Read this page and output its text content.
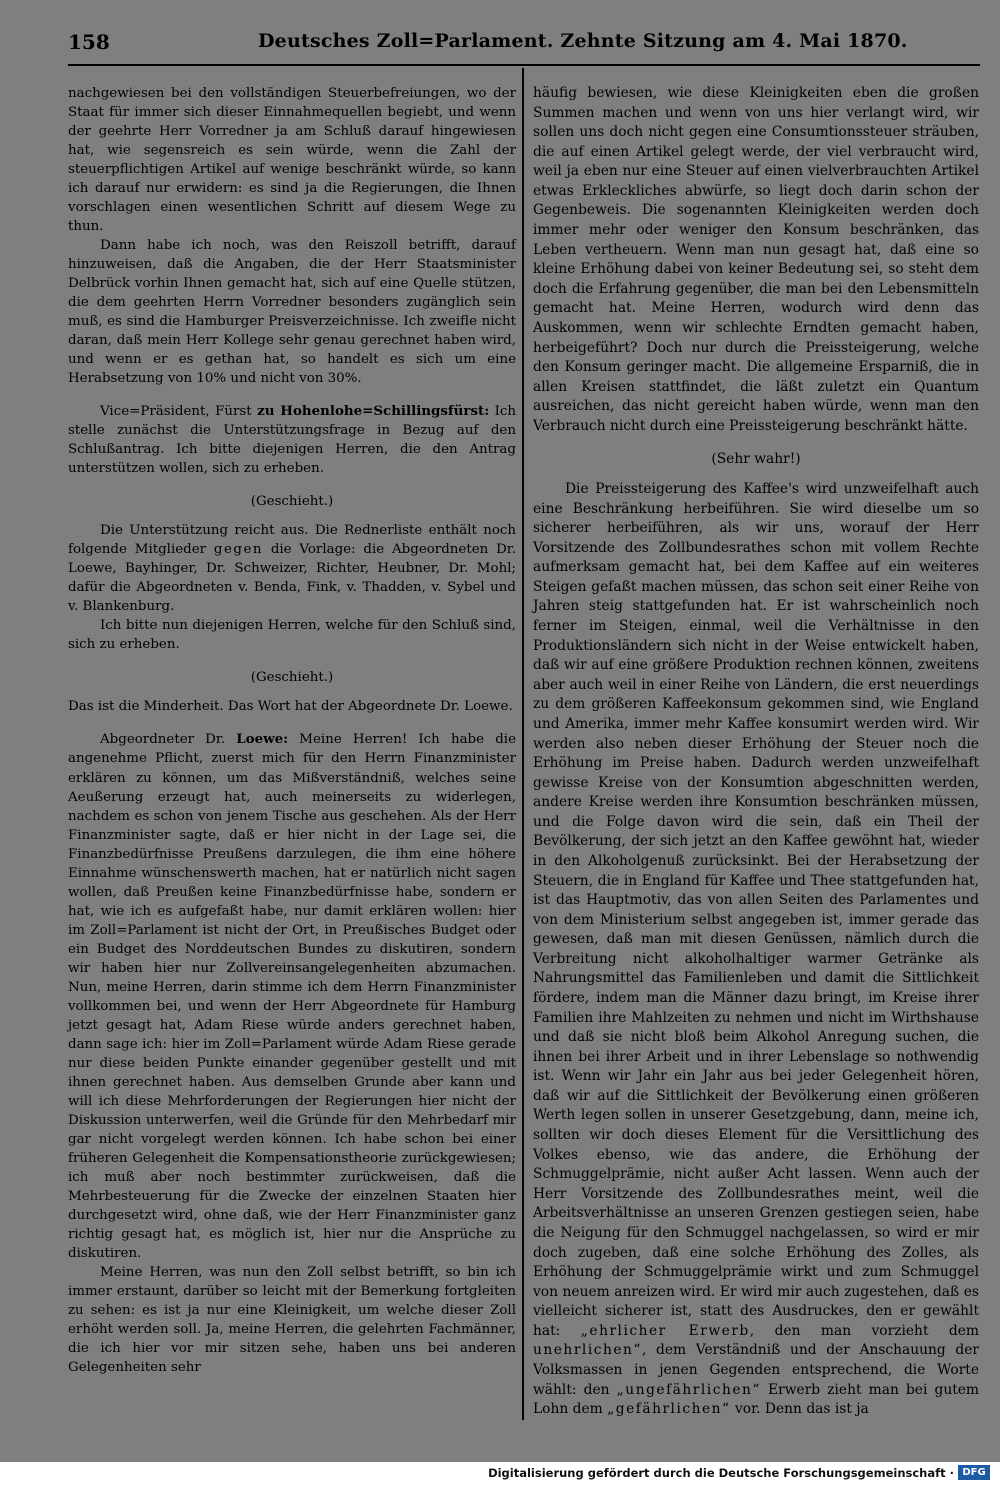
158	Deutsches Zoll=Parlament. Zehnte Sitzung am 4. Mai 1870.

nachgewiesen bei den vollständigen Steuerbefreiungen, wo der Staat für immer sich dieser Einnahmequellen begiebt, und wenn der geehrte Herr Vorredner ja am Schluß darauf hingewiesen hat, wie segensreich es sein würde, wenn die Zahl der steuerpflichtigen Artikel auf wenige beschränkt würde, so kann ich darauf nur erwidern: es sind ja die Regierungen, die Ihnen vorschlagen einen wesentlichen Schritt auf diesem Wege zu thun.

Dann habe ich noch, was den Reiszoll betrifft, darauf hinzuweisen, daß die Angaben, die der Herr Staatsminister Delbrück vorhin Ihnen gemacht hat, sich auf eine Quelle stützen, die dem geehrten Herrn Vorredner besonders zugänglich sein muß, es sind die Hamburger Preisverzeichnisse. Ich zweifle nicht daran, daß mein Herr Kollege sehr genau gerechnet haben wird, und wenn er es gethan hat, so handelt es sich um eine Herabsetzung von 10% und nicht von 30%.

Vice=Präsident, Fürst zu Hohenlohe=Schillingsfürst: Ich stelle zunächst die Unterstützungsfrage in Bezug auf den Schlußantrag. Ich bitte diejenigen Herren, die den Antrag unterstützen wollen, sich zu erheben.

(Geschieht.)

Die Unterstützung reicht aus. Die Rednerliste enthält noch folgende Mitglieder gegen die Vorlage: die Abgeordneten Dr. Loewe, Bayhinger, Dr. Schweizer, Richter, Heubner, Dr. Mohl; dafür die Abgeordneten v. Benda, Fink, v. Thadden, v. Sybel und v. Blankenburg.

Ich bitte nun diejenigen Herren, welche für den Schluß sind, sich zu erheben.

(Geschieht.)

Das ist die Minderheit. Das Wort hat der Abgeordnete Dr. Loewe.

Abgeordneter Dr. Loewe: Meine Herren! Ich habe die angenehme Pflicht, zuerst mich für den Herrn Finanzminister erklären zu können, um das Mißverständniß, welches seine Aeußerung erzeugt hat, auch meinerseits zu widerlegen, nachdem es schon von jenem Tische aus geschehen. Als der Herr Finanzminister sagte, daß er hier nicht in der Lage sei, die Finanzbedürfnisse Preußens darzulegen, die ihm eine höhere Einnahme wünschenswerth machen, hat er natürlich nicht sagen wollen, daß Preußen keine Finanzbedürfnisse habe, sondern er hat, wie ich es aufgefaßt habe, nur damit erklären wollen: hier im Zoll=Parlament ist nicht der Ort, in Preußisches Budget oder ein Budget des Norddeutschen Bundes zu diskutiren, sondern wir haben hier nur Zollvereinsangelegenheiten abzumachen. Nun, meine Herren, darin stimme ich dem Herrn Finanzminister vollkommen bei, und wenn der Herr Abgeordnete für Hamburg jetzt gesagt hat, Adam Riese würde anders gerechnet haben, dann sage ich: hier im Zoll=Parlament würde Adam Riese gerade nur diese beiden Punkte einander gegenüber gestellt und mit ihnen gerechnet haben. Aus demselben Grunde aber kann und will ich diese Mehrforderungen der Regierungen hier nicht der Diskussion unterwerfen, weil die Gründe für den Mehrbedarf mir gar nicht vorgelegt werden können. Ich habe schon bei einer früheren Gelegenheit die Kompensationstheorie zurückgewiesen; ich muß aber noch bestimmter zurückweisen, daß die Mehrbesteuerung für die Zwecke der einzelnen Staaten hier durchgesetzt wird, ohne daß, wie der Herr Finanzminister ganz richtig gesagt hat, es möglich ist, hier nur die Ansprüche zu diskutiren.

Meine Herren, was nun den Zoll selbst betrifft, so bin ich immer erstaunt, darüber so leicht mit der Bemerkung fortgleiten zu sehen: es ist ja nur eine Kleinigkeit, um welche dieser Zoll erhöht werden soll. Ja, meine Herren, die gelehrten Fachmänner, die ich hier vor mir sitzen sehe, haben uns bei anderen Gelegenheiten sehr

häufig bewiesen, wie diese Kleinigkeiten eben die großen Summen machen und wenn von uns hier verlangt wird, wir sollen uns doch nicht gegen eine Consumtionssteuer sträuben, die auf einen Artikel gelegt werde, der viel verbraucht wird, weil ja eben nur eine Steuer auf einen vielverbrauchten Artikel etwas Erkleckliches abwürfe, so liegt doch darin schon der Gegenbeweis. Die sogenannten Kleinigkeiten werden doch immer mehr oder weniger den Konsum beschränken, das Leben vertheuern. Wenn man nun gesagt hat, daß eine so kleine Erhöhung dabei von keiner Bedeutung sei, so steht dem doch die Erfahrung gegenüber, die man bei den Lebensmitteln gemacht hat. Meine Herren, wodurch wird denn das Auskommen, wenn wir schlechte Erndten gemacht haben, herbeigeführt? Doch nur durch die Preissteigerung, welche den Konsum geringer macht. Die allgemeine Ersparniß, die in allen Kreisen stattfindet, die läßt zuletzt ein Quantum ausreichen, das nicht gereicht haben würde, wenn man den Verbrauch nicht durch eine Preissteigerung beschränkt hätte.

(Sehr wahr!)

Die Preissteigerung des Kaffee's wird unzweifelhaft auch eine Beschränkung herbeiführen. Sie wird dieselbe um so sicherer herbeiführen, als wir uns, worauf der Herr Vorsitzende des Zollbundesrathes schon mit vollem Rechte aufmerksam gemacht hat, bei dem Kaffee auf ein weiteres Steigen gefaßt machen müssen, das schon seit einer Reihe von Jahren steig stattgefunden hat. Er ist wahrscheinlich noch ferner im Steigen, einmal, weil die Verhältnisse in den Produktionsländern sich nicht in der Weise entwickelt haben, daß wir auf eine größere Produktion rechnen können, zweitens aber auch weil in einer Reihe von Ländern, die erst neuerdings zu dem größeren Kaffeekonsum gekommen sind, wie England und Amerika, immer mehr Kaffee konsumirt werden wird. Wir werden also neben dieser Erhöhung der Steuer noch die Erhöhung im Preise haben. Dadurch werden unzweifelhaft gewisse Kreise von der Konsumtion abgeschnitten werden, andere Kreise werden ihre Konsumtion beschränken müssen, und die Folge davon wird die sein, daß ein Theil der Bevölkerung, der sich jetzt an den Kaffee gewöhnt hat, wieder in den Alkoholgenuß zurücksinkt. Bei der Herabsetzung der Steuern, die in England für Kaffee und Thee stattgefunden hat, ist das Hauptmotiv, das von allen Seiten des Parlamentes und von dem Ministerium selbst angegeben ist, immer gerade das gewesen, daß man mit diesen Genüssen, nämlich durch die Verbreitung nicht alkoholhaltiger warmer Getränke als Nahrungsmittel das Familienleben und damit die Sittlichkeit fördere, indem man die Männer dazu bringt, im Kreise ihrer Familien ihre Mahlzeiten zu nehmen und nicht im Wirthshause und daß sie nicht bloß beim Alkohol Anregung suchen, die ihnen bei ihrer Arbeit und in ihrer Lebenslage so nothwendig ist. Wenn wir Jahr ein Jahr aus bei jeder Gelegenheit hören, daß wir auf die Sittlichkeit der Bevölkerung einen größeren Werth legen sollen in unserer Gesetzgebung, dann, meine ich, sollten wir doch dieses Element für die Versittlichung des Volkes ebenso, wie das andere, die Erhöhung der Schmuggelprämie, nicht außer Acht lassen. Wenn auch der Herr Vorsitzende des Zollbundesrathes meint, weil die Arbeitsverhältnisse an unseren Grenzen gestiegen seien, habe die Neigung für den Schmuggel nachgelassen, so wird er mir doch zugeben, daß eine solche Erhöhung des Zolles, als Erhöhung der Schmuggelprämie wirkt und zum Schmuggel von neuem anreizen wird. Er wird mir auch zugestehen, daß es vielleicht sicherer ist, statt des Ausdruckes, den er gewählt hat: „ehrlicher Erwerb, den man vorzieht dem unehrlichen“, dem Verständniß und der Anschauung der Volksmassen in jenen Gegenden entsprechend, die Worte wählt: den „ungefährlichen“ Erwerb zieht man bei gutem Lohn dem „gefährlichen“ vor. Denn das ist ja

Digitalisierung gefördert durch die Deutsche Forschungsgemeinschaft · DFG
